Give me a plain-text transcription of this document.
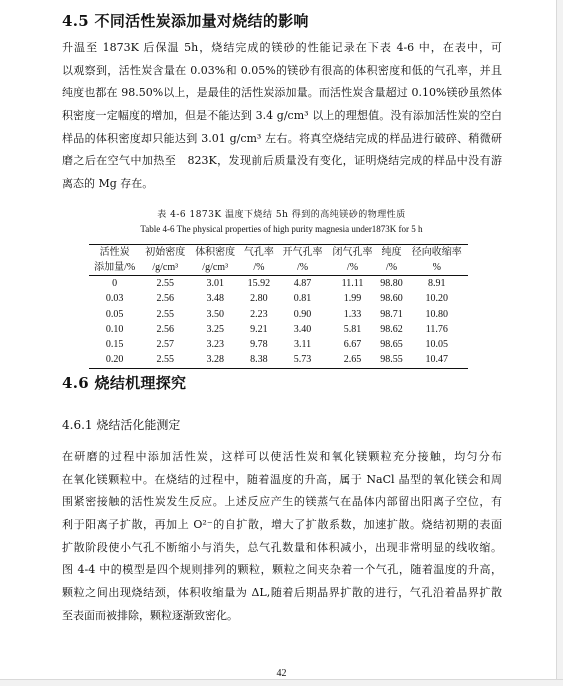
4.5 不同活性炭添加量对烧结的影响
升温至 1873K 后保温 5h，烧结完成的镁砂的性能记录在下表 4-6 中，在表中，可
以观察到，活性炭含量在 0.03%和 0.05%的镁砂有很高的体积密度和低的气孔率，并且
纯度也都在 98.50%以上，是最佳的活性炭添加量。而活性炭含量超过 0.10%镁砂虽然体
积密度一定幅度的增加，但是不能达到 3.4 g/cm³ 以上的理想值。没有添加活性炭的空白
样品的体积密度却只能达到 3.01 g/cm³ 左右。将真空烧结完成的样品进行破碎、稍微研
磨之后在空气中加热至　823K，发现前后质量没有变化，证明烧结完成的样品中没有游
离态的 Mg 存在。
表 4-6 1873K 温度下烧结 5h 得到的高纯镁砂的物理性质
Table 4-6 The physical properties of high purity magnesia under1873K for 5 h
活性炭	初始密度	体积密度	气孔率	开气孔率	闭气孔率	纯度	径向收缩率
添加量/%	/g/cm³	/g/cm³	/%	/%	/%	/%	%
0	2.55	3.01	15.92	4.87	11.11	98.80	8.91
0.03	2.56	3.48	2.80	0.81	1.99	98.60	10.20
0.05	2.55	3.50	2.23	0.90	1.33	98.71	10.80
0.10	2.56	3.25	9.21	3.40	5.81	98.62	11.76
0.15	2.57	3.23	9.78	3.11	6.67	98.65	10.05
0.20	2.55	3.28	8.38	5.73	2.65	98.55	10.47
4.6 烧结机理探究
4.6.1 烧结活化能测定
在研磨的过程中添加活性炭，这样可以使活性炭和氧化镁颗粒充分接触，均匀分布
在氧化镁颗粒中。在烧结的过程中，随着温度的升高，属于 NaCl 晶型的氧化镁会和周
围紧密接触的活性炭发生反应。上述反应产生的镁蒸气在晶体内部留出阳离子空位，有
利于阳离子扩散，再加上 O²⁻的自扩散，增大了扩散系数，加速扩散。烧结初期的表面
扩散阶段使小气孔不断缩小与消失，总气孔数量和体积减小，出现非常明显的线收缩。
图 4-4 中的模型是四个规则排列的颗粒，颗粒之间夹杂着一个气孔，随着温度的升高，
颗粒之间出现烧结颈，体积收缩量为 ΔL,随着后期晶界扩散的进行，气孔沿着晶界扩散
至表面而被排除，颗粒逐渐致密化。
42
